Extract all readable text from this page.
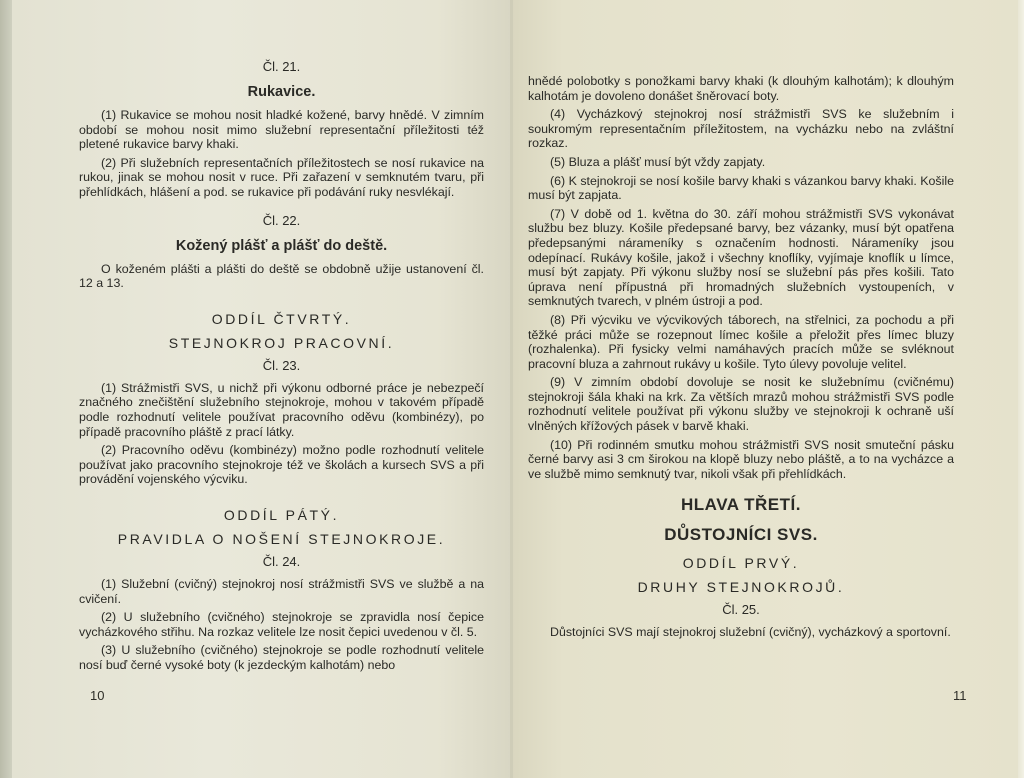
Čl. 21.
Rukavice.

(1) Rukavice se mohou nosit hladké kožené, barvy hnědé. V zimním období se mohou nosit mimo služební representační příležitosti též pletené rukavice barvy khaki.

(2) Při služebních representačních příležitostech se nosí rukavice na rukou, jinak se mohou nosit v ruce. Při zařazení v semknutém tvaru, při přehlídkách, hlášení a pod. se rukavice při podávání ruky nesvlékají.

Čl. 22.
Kožený plášť a plášť do deště.

O koženém plášti a plášti do deště se obdobně užije ustanovení čl. 12 a 13.

ODDÍL ČTVRTÝ.
STEJNOKROJ PRACOVNÍ.
Čl. 23.

(1) Strážmistři SVS, u nichž při výkonu odborné práce je nebezpečí značného znečištění služebního stejnokroje, mohou v takovém případě podle rozhodnutí velitele používat pracovního oděvu (kombinézy), po případě pracovního pláště z prací látky.

(2) Pracovního oděvu (kombinézy) možno podle rozhodnutí velitele používat jako pracovního stejnokroje též ve školách a kursech SVS a při provádění vojenského výcviku.

ODDÍL PÁTÝ.
PRAVIDLA O NOŠENÍ STEJNOKROJE.
Čl. 24.

(1) Služební (cvičný) stejnokroj nosí strážmistři SVS ve službě a na cvičení.

(2) U služebního (cvičného) stejnokroje se zpravidla nosí čepice vycházkového střihu. Na rozkaz velitele lze nosit čepici uvedenou v čl. 5.

(3) U služebního (cvičného) stejnokroje se podle rozhodnutí velitele nosí buď černé vysoké boty (k jezdeckým kalhotám) nebo

10

hnědé polobotky s ponožkami barvy khaki (k dlouhým kalhotám); k dlouhým kalhotám je dovoleno donášet šněrovací boty.

(4) Vycházkový stejnokroj nosí strážmistři SVS ke služebním i soukromým representačním příležitostem, na vycházku nebo na zvláštní rozkaz.

(5) Bluza a plášť musí být vždy zapjaty.

(6) K stejnokroji se nosí košile barvy khaki s vázankou barvy khaki. Košile musí být zapjata.

(7) V době od 1. května do 30. září mohou strážmistři SVS vykonávat službu bez bluzy. Košile předepsané barvy, bez vázanky, musí být opatřena předepsanými nárameníky s označením hodnosti. Nárameníky jsou odepínací. Rukávy košile, jakož i všechny knoflíky, vyjímaje knoflík u límce, musí být zapjaty. Při výkonu služby nosí se služební pás přes košili. Tato úprava není přípustná při hromadných služebních vystoupeních, v semknutých tvarech, v plném ústroji a pod.

(8) Při výcviku ve výcvikových táborech, na střelnici, za pochodu a při těžké práci může se rozepnout límec košile a přeložit přes límec bluzy (rozhalenka). Při fysicky velmi namáhavých pracích může se svléknout pracovní bluza a zahrnout rukávy u košile. Tyto úlevy povoluje velitel.

(9) V zimním období dovoluje se nosit ke služebnímu (cvičnému) stejnokroji šála khaki na krk. Za větších mrazů mohou strážmistři SVS podle rozhodnutí velitele používat při výkonu služby ve stejnokroji k ochraně uší vlněných křížových pásek v barvě khaki.

(10) Při rodinném smutku mohou strážmistři SVS nosit smuteční pásku černé barvy asi 3 cm širokou na klopě bluzy nebo pláště, a to na vycházce a ve službě mimo semknutý tvar, nikoli však při přehlídkách.

HLAVA TŘETÍ.
DŮSTOJNÍCI SVS.
ODDÍL PRVÝ.
DRUHY STEJNOKROJŮ.
Čl. 25.

Důstojníci SVS mají stejnokroj služební (cvičný), vycházkový a sportovní.

11
